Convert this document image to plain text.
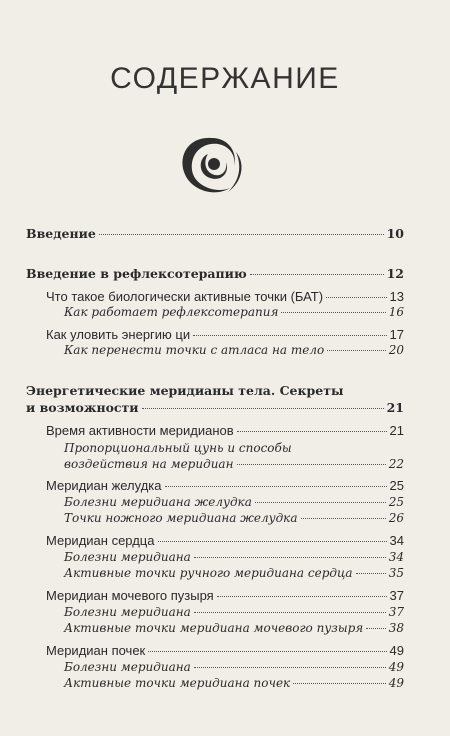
СОДЕРЖАНИЕ
Введение	10
Введение в рефлексотерапию	12
Что такое биологически активные точки (БАТ)	13
Как работает рефлексотерапия	16
Как уловить энергию ци	17
Как перенести точки с атласа на тело	20
Энергетические меридианы тела. Секреты
и возможности	21
Время активности меридианов	21
Пропорциональный цунь и способы
воздействия на меридиан	22
Меридиан желудка	25
Болезни меридиана желудка	25
Точки ножного меридиана желудка	26
Меридиан сердца	34
Болезни меридиана	34
Активные точки ручного меридиана сердца	35
Меридиан мочевого пузыря	37
Болезни меридиана	37
Активные точки меридиана мочевого пузыря 38
Меридиан почек	49
Болезни меридиана	49
Активные точки меридиана почек	49
